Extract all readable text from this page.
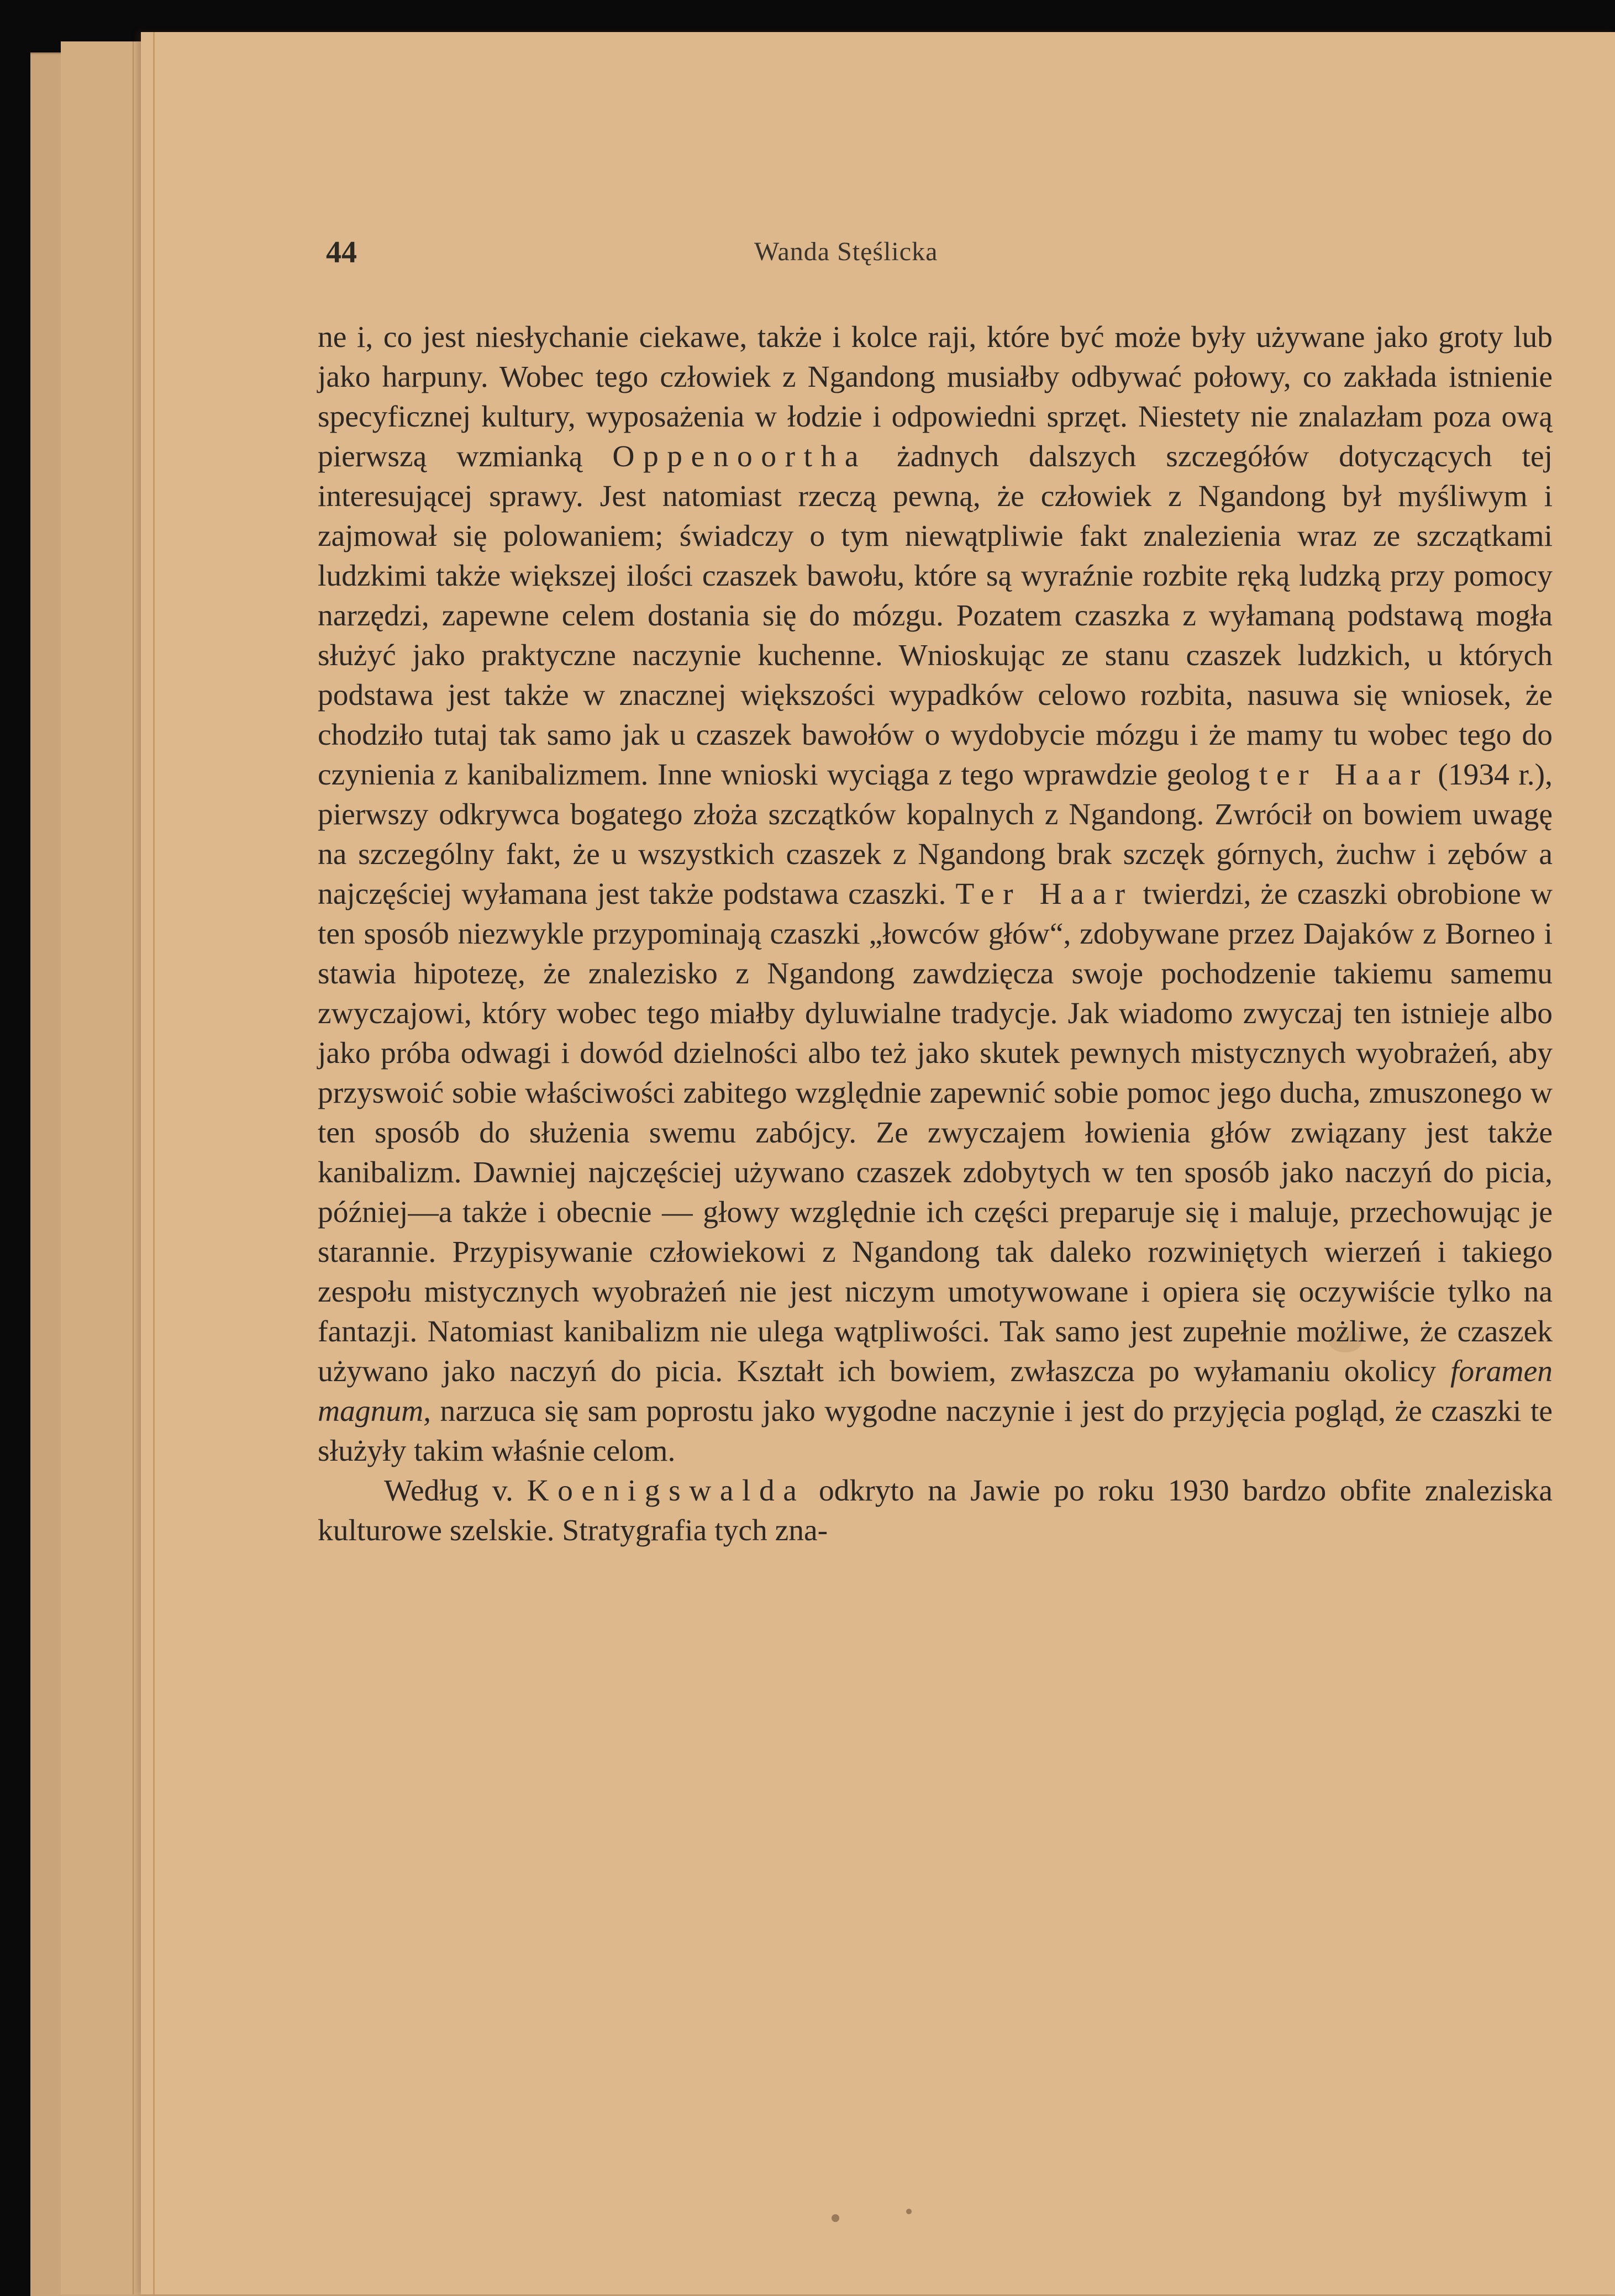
44	Wanda Stęślicka

ne i, co jest niesłychanie ciekawe, także i kolce raji, które być może były używane jako groty lub jako harpuny. Wobec tego człowiek z Ngandong musiałby odbywać połowy, co zakłada istnienie specyficznej kultury, wyposażenia w łodzie i odpowiedni sprzęt. Niestety nie znalazłam poza ową pierwszą wzmianką Oppenoortha żadnych dalszych szczegółów dotyczących tej interesującej sprawy. Jest natomiast rzeczą pewną, że człowiek z Ngandong był myśliwym i zajmował się polowaniem; świadczy o tym niewątpliwie fakt znalezienia wraz ze szczątkami ludzkimi także większej ilości czaszek bawołu, które są wyraźnie rozbite ręką ludzką przy pomocy narzędzi, zapewne celem dostania się do mózgu. Pozatem czaszka z wyłamaną podstawą mogła służyć jako praktyczne naczynie kuchenne. Wnioskując ze stanu czaszek ludzkich, u których podstawa jest także w znacznej większości wypadków celowo rozbita, nasuwa się wniosek, że chodziło tutaj tak samo jak u czaszek bawołów o wydobycie mózgu i że mamy tu wobec tego do czynienia z kanibalizmem. Inne wnioski wyciąga z tego wprawdzie geolog ter Haar (1934 r.), pierwszy odkrywca bogatego złoża szczątków kopalnych z Ngandong. Zwrócił on bowiem uwagę na szczególny fakt, że u wszystkich czaszek z Ngandong brak szczęk górnych, żuchw i zębów a najczęściej wyłamana jest także podstawa czaszki. Ter Haar twierdzi, że czaszki obrobione w ten sposób niezwykle przypominają czaszki „łowców głów“, zdobywane przez Dajaków z Borneo i stawia hipotezę, że znalezisko z Ngandong zawdzięcza swoje pochodzenie takiemu samemu zwyczajowi, który wobec tego miałby dyluwialne tradycje. Jak wiadomo zwyczaj ten istnieje albo jako próba odwagi i dowód dzielności albo też jako skutek pewnych mistycznych wyobrażeń, aby przyswoić sobie właściwości zabitego względnie zapewnić sobie pomoc jego ducha, zmuszonego w ten sposób do służenia swemu zabójcy. Ze zwyczajem łowienia głów związany jest także kanibalizm. Dawniej najczęściej używano czaszek zdobytych w ten sposób jako naczyń do picia, później—a także i obecnie — głowy względnie ich części preparuje się i maluje, przechowując je starannie. Przypisywanie człowiekowi z Ngandong tak daleko rozwiniętych wierzeń i takiego zespołu mistycznych wyobrażeń nie jest niczym umotywowane i opiera się oczywiście tylko na fantazji. Natomiast kanibalizm nie ulega wątpliwości. Tak samo jest zupełnie możliwe, że czaszek używano jako naczyń do picia. Kształt ich bowiem, zwłaszcza po wyłamaniu okolicy foramen magnum, narzuca się sam poprostu jako wygodne naczynie i jest do przyjęcia pogląd, że czaszki te służyły takim właśnie celom.

Według v. Koenigswalda odkryto na Jawie po roku 1930 bardzo obfite znaleziska kulturowe szelskie. Stratygrafia tych zna-
